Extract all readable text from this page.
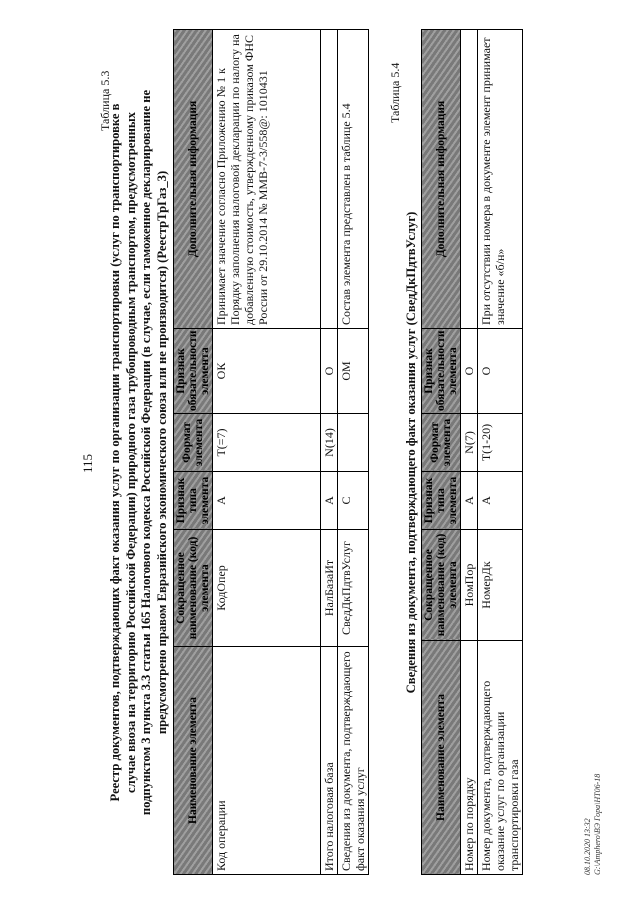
115
Таблица 5.3
Реестр документов, подтверждающих факт оказания услуг по организации транспортировки (услуг по транспортировке в случае ввоза на территорию Российской Федерации) природного газа трубопроводным транспортом, предусмотренных подпунктом 3 пункта 3.3 статьи 165 Налогового кодекса Российской Федерации (в случае, если таможенное декларирование не предусмотрено правом Евразийского экономического союза или не производится) (РеестрТрГаз_3)
Наименование элемента	Сокращенное наименование (код) элемента	Признак типа элемента	Формат элемента	Признак обязательности элемента	Дополнительная информация
Код операции	КодОпер	А	Т(=7)	ОК	Принимает значение согласно Приложению № 1 к Порядку заполнения налоговой декларации по налогу на добавленную стоимость, утвержденному приказом ФНС России от 29.10.2014 № ММВ-7-3/558@: 1010431
Итого налоговая база	НалБазаИт	А	N(14)	О	
Сведения из документа, подтверждающего факт оказания услуг	СведДкПдтвУслуг	С		ОМ	Состав элемента представлен в таблице 5.4
Таблица 5.4
Сведения из документа, подтверждающего факт оказания услуг (СведДкПдтвУслуг)
Наименование элемента	Сокращенное наименование (код) элемента	Признак типа элемента	Формат элемента	Признак обязательности элемента	Дополнительная информация
Номер по порядку	НомПор	А	N(7)	О	
Номер документа, подтверждающего оказание услуг по организации транспортировки газа	НомерДк	А	Т(1-20)	О	При отсутствии номера в документе элемент принимает значение «б/н»
08.10.2020 13:32 G:\Amphero\ВЭ Гора\НТ06-18
